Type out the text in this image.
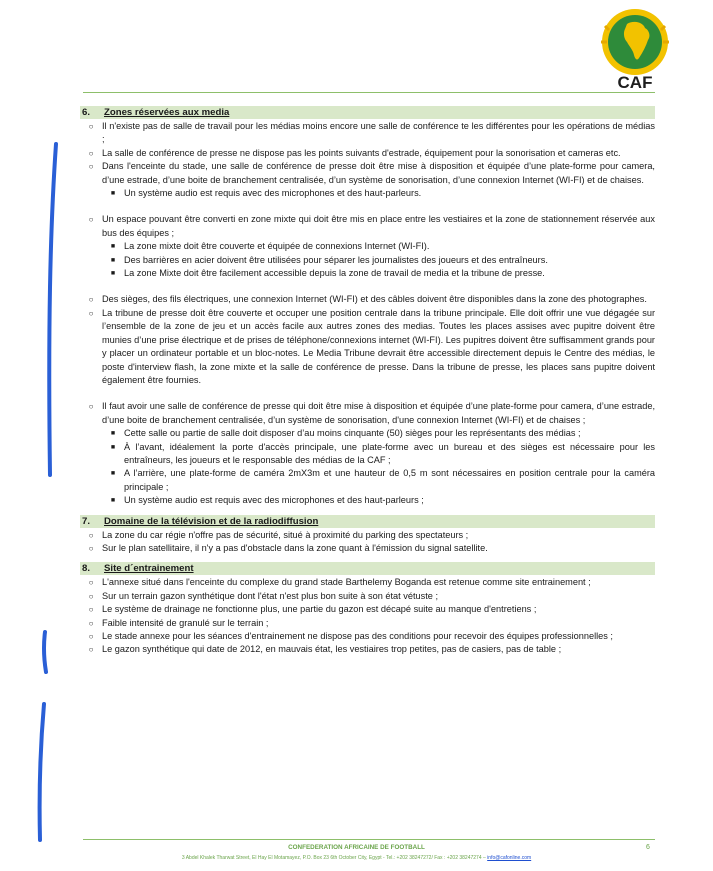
CAF
6.	Zones réservées aux media
○ Il n'existe pas de salle de travail pour les médias moins encore une salle de conférence te les différentes pour les opérations de médias ;
○ La salle de conférence de presse ne dispose pas les points suivants d'estrade, équipement pour la sonorisation et cameras etc.
○ Dans l'enceinte du stade, une salle de conférence de presse doit être mise à disposition et équipée d’une plate-forme pour camera, d’une estrade, d’une boite de branchement centralisée, d’un système de sonorisation, d’une connexion Internet (WI-FI) et de chaises.
■ Un système audio est requis avec des microphones et des haut-parleurs.
○ Un espace pouvant être converti en zone mixte qui doit être mis en place entre les vestiaires et la zone de stationnement réservée aux bus des équipes ;
■ La zone mixte doit être couverte et équipée de connexions Internet (WI-FI).
■ Des barrières en acier doivent être utilisées pour séparer les journalistes des joueurs et des entraîneurs.
■ La zone Mixte doit être facilement accessible depuis la zone de travail de media et la tribune de presse.
○ Des sièges, des fils électriques, une connexion Internet (WI-FI) et des câbles doivent être disponibles dans la zone des photographes.
○ La tribune de presse doit être couverte et occuper une position centrale dans la tribune principale. Elle doit offrir une vue dégagée sur l’ensemble de la zone de jeu et un accès facile aux autres zones des medias. Toutes les places assises avec pupitre doivent être munies d’une prise électrique et de prises de téléphone/connexions internet (WI-FI). Les pupitres doivent être suffisamment grands pour y placer un ordinateur portable et un bloc-notes. Le Media Tribune devrait être accessible directement depuis le Centre des médias, le poste d'interview flash, la zone mixte et la salle de conférence de presse. Dans la tribune de presse, les places sans pupitre doivent également être fournies.
○ Il faut avoir une salle de conférence de presse qui doit être mise à disposition et équipée d’une plate-forme pour camera, d’une estrade, d’une boite de branchement centralisée, d’un système de sonorisation, d'une connexion Internet (WI-FI) et de chaises ;
■ Cette salle ou partie de salle doit disposer d’au moins cinquante (50) sièges pour les représentants des médias ;
■ À l’avant, idéalement la porte d'accès principale, une plate-forme avec un bureau et des sièges est nécessaire pour les entraîneurs, les joueurs et le responsable des médias de la CAF ;
■ A l’arrière, une plate-forme de caméra 2mX3m et une hauteur de 0,5 m sont nécessaires en position centrale pour la caméra principale ;
■ Un système audio est requis avec des microphones et des haut-parleurs ;
7.	Domaine de la télévision et de la radiodiffusion
○ La zone du car régie n'offre pas de sécurité, situé à proximité du parking des spectateurs ;
○ Sur le plan satellitaire, il n'y a pas d'obstacle dans la zone quant à l'émission du signal satellite.
8.	Site d´entrainement
○ L'annexe situé dans l'enceinte du complexe du grand stade Barthelemy Boganda est retenue comme site entrainement ;
○ Sur un terrain gazon synthétique dont l'état n'est plus bon suite à son état vétuste ;
○ Le système de drainage ne fonctionne plus, une partie du gazon est décapé suite au manque d'entretiens ;
○ Faible intensité de granulé sur le terrain ;
○ Le stade annexe pour les séances d'entrainement ne dispose pas des conditions pour recevoir des équipes professionnelles ;
○ Le gazon synthétique qui date de 2012, en mauvais état, les vestiaires trop petites, pas de casiers, pas de table ;
CONFEDERATION AFRICAINE DE FOOTBALL
3 Abdel Khalek Tharwat Street, El Hay El Motamayez, P.O. Box 23 6th October City, Egypt - Tel.: +202 38247272/ Fax : +202 38247274 – info@cafonline.com
6
